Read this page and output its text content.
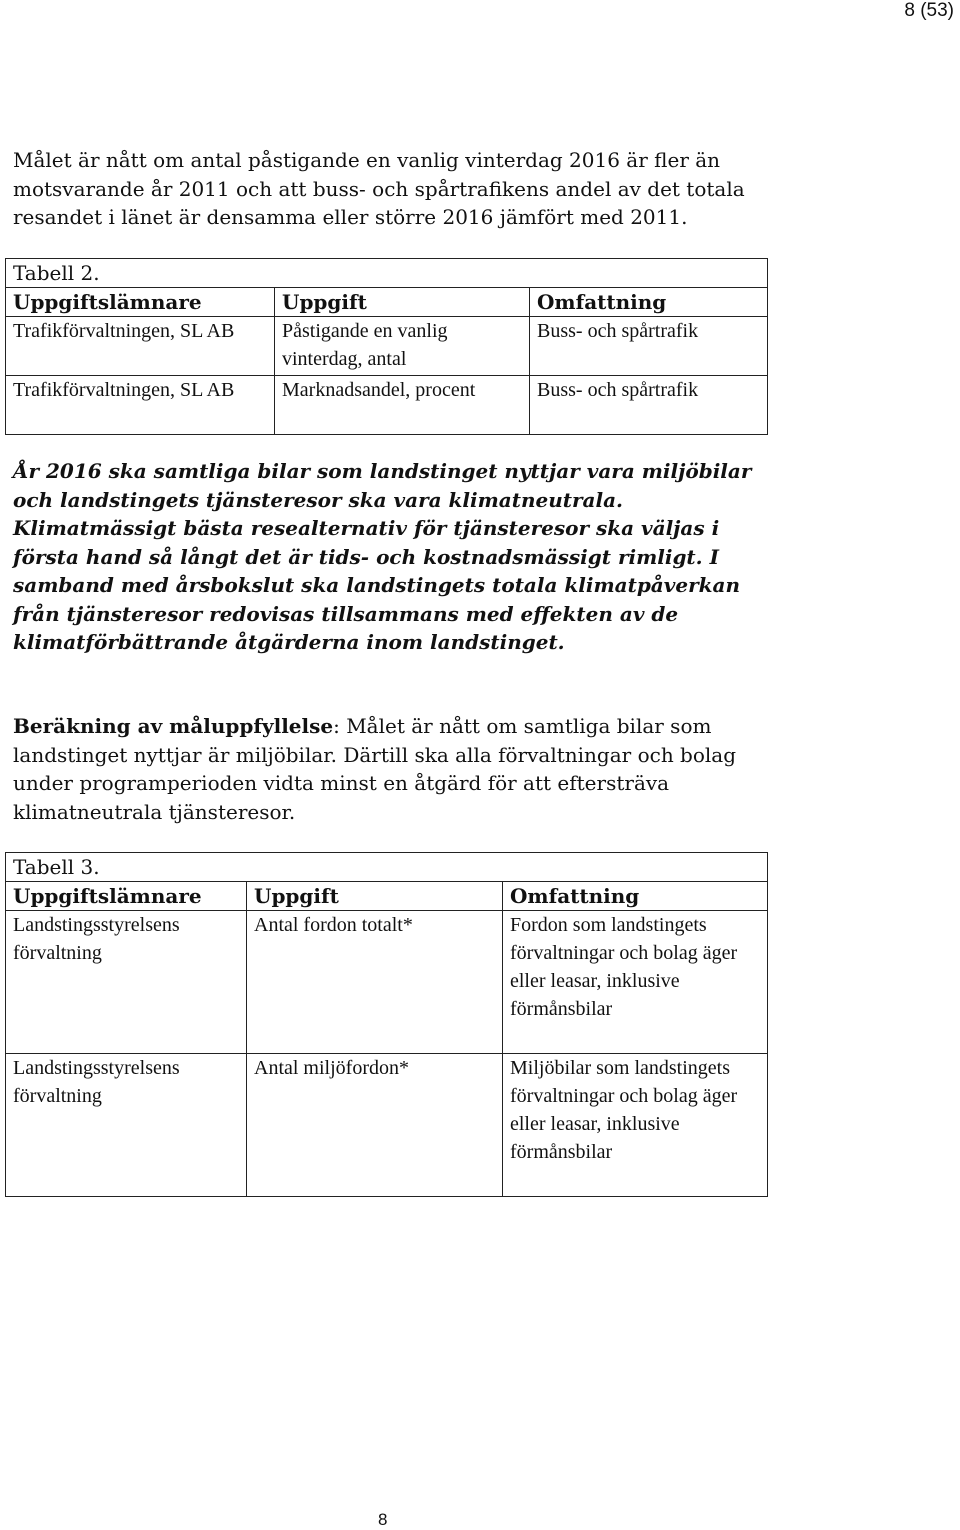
8 (53)

Målet är nått om antal påstigande en vanlig vinterdag 2016 är fler än motsvarande år 2011 och att buss- och spårtrafikens andel av det totala resandet i länet är densamma eller större 2016 jämfört med 2011.

Tabell 2.		
Uppgiftslämnare	Uppgift	Omfattning
Trafikförvaltningen, SL AB	Påstigande en vanlig vinterdag, antal	Buss- och spårtrafik
Trafikförvaltningen, SL AB	Marknadsandel, procent	Buss- och spårtrafik

År 2016 ska samtliga bilar som landstinget nyttjar vara miljöbilar och landstingets tjänsteresor ska vara klimatneutrala. Klimatmässigt bästa resealternativ för tjänsteresor ska väljas i första hand så långt det är tids- och kostnadsmässigt rimligt. I samband med årsbokslut ska landstingets totala klimatpåverkan från tjänsteresor redovisas tillsammans med effekten av de klimatförbättrande åtgärderna inom landstinget.

Beräkning av måluppfyllelse: Målet är nått om samtliga bilar som landstinget nyttjar är miljöbilar. Därtill ska alla förvaltningar och bolag under programperioden vidta minst en åtgärd för att eftersträva klimatneutrala tjänsteresor.

Tabell 3.		
Uppgiftslämnare	Uppgift	Omfattning
Landstingsstyrelsens förvaltning	Antal fordon totalt*	Fordon som landstingets förvaltningar och bolag äger eller leasar, inklusive förmånsbilar
Landstingsstyrelsens förvaltning	Antal miljöfordon*	Miljöbilar som landstingets förvaltningar och bolag äger eller leasar, inklusive förmånsbilar
8
